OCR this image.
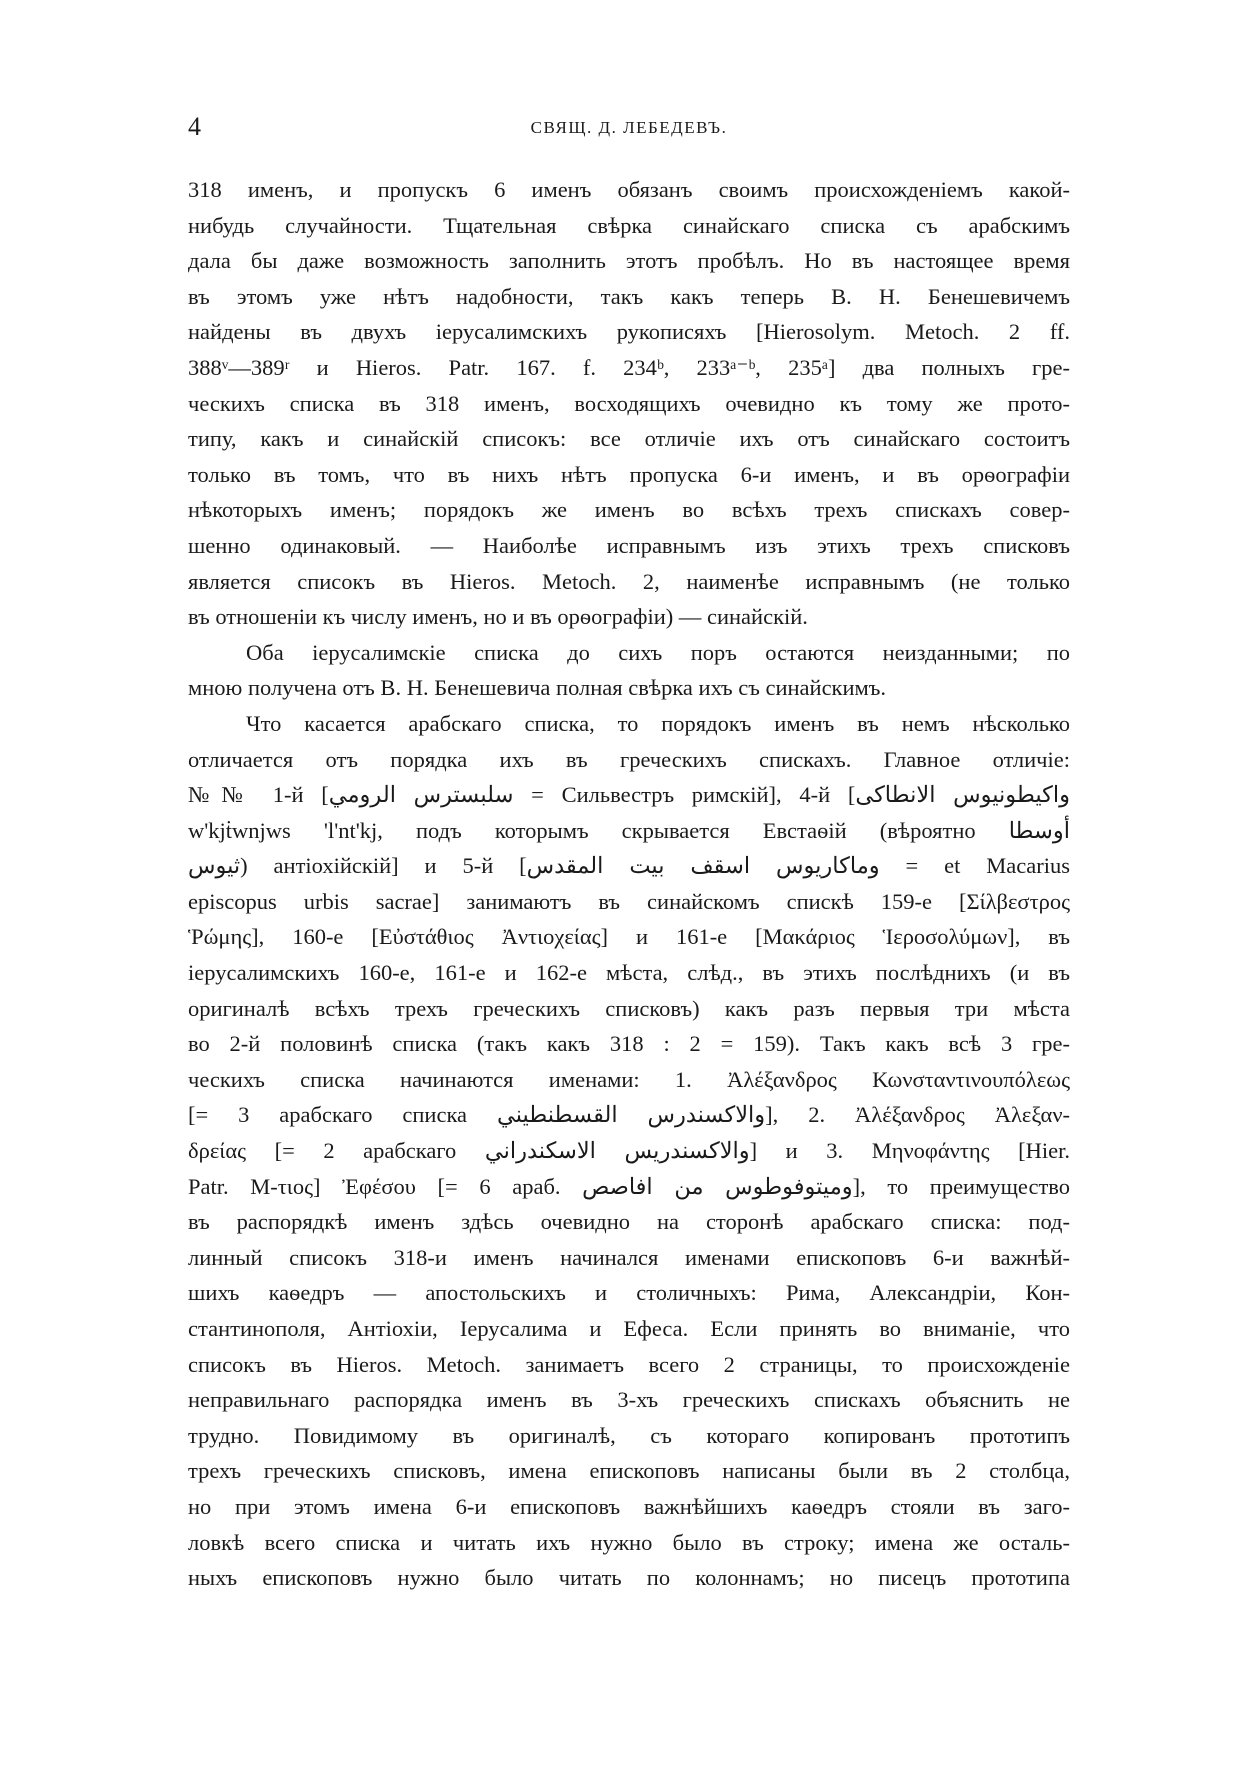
4	СВЯЩ. Д. ЛЕБЕДЕВЪ.
318 именъ, и пропускъ 6 именъ обязанъ своимъ происхожденіемъ какой-
нибудь случайности. Тщательная свѣрка синайскаго списка съ арабскимъ
дала бы даже возможность заполнить этотъ пробѣлъ. Но въ настоящее время
въ этомъ уже нѣтъ надобности, такъ какъ теперь В. Н. Бенешевичемъ
найдены въ двухъ іерусалимскихъ рукописяхъ [Hierosolym. Metoch. 2 ff.
388ᵛ—389ʳ и Hieros. Patr. 167. f. 234ᵇ, 233ᵃ⁻ᵇ, 235ᵃ] два полныхъ гре-
ческихъ списка въ 318 именъ, восходящихъ очевидно къ тому же прото-
типу, какъ и синайскій списокъ: все отличіе ихъ отъ синайскаго состоитъ
только въ томъ, что въ нихъ нѣтъ пропуска 6-и именъ, и въ орѳографіи
нѣкоторыхъ именъ; порядокъ же именъ во всѣхъ трехъ спискахъ совер-
шенно одинаковый. — Наиболѣе исправнымъ изъ этихъ трехъ списковъ
является списокъ въ Hieros. Metoch. 2, наименѣе исправнымъ (не только
въ отношеніи къ числу именъ, но и въ орѳографіи) — синайскій.
Оба іерусалимскіе списка до сихъ поръ остаются неизданными; по
мною получена отъ В. Н. Бенешевича полная свѣрка ихъ съ синайскимъ.
Что касается арабскаго списка, то порядокъ именъ въ немъ нѣсколько
отличается отъ порядка ихъ въ греческихъ спискахъ. Главное отличіе:
№№ 1-й [سلبسترس الرومي = Сильвестръ римскій], 4-й [واكيطونيوس الانطاكى
w'kjṫwnjws 'l'nt'kj, подъ которымъ скрывается Евстаѳій (вѣроятно أوسطا
ثيوس) антіохійскій] и 5-й [وماكاريوس اسقف بيت المقدس = et Macarius
episcopus urbis sacrae] занимаютъ въ синайскомъ спискѣ 159-е [Σίλβεστρος
Ῥώμης], 160-е [Εὐστάθιος Ἀντιοχείας] и 161-е [Μακάριος Ἱεροσολύμων], въ
іерусалимскихъ 160-е, 161-е и 162-е мѣста, слѣд., въ этихъ послѣднихъ (и въ
оригиналѣ всѣхъ трехъ греческихъ списковъ) какъ разъ первыя три мѣста
во 2-й половинѣ списка (такъ какъ 318 : 2 = 159). Такъ какъ всѣ 3 гре-
ческихъ списка начинаются именами: 1. Ἀλέξανδρος Κωνσταντινουπόλεως
[= 3 арабскаго списка والاكسندرس القسطنطيني], 2. Ἀλέξανδρος Ἀλεξαν-
δρείας [= 2 арабскаго والاكسندريس الاسكندراني] и 3. Μηνοφάντης [Hier.
Patr. Μ-τιος] Ἐφέσου [= 6 араб. وميتوفوطوس من افاصص], то преимущество
въ распорядкѣ именъ здѣсь очевидно на сторонѣ арабскаго списка: под-
линный списокъ 318-и именъ начинался именами епископовъ 6-и важнѣй-
шихъ каѳедръ — апостольскихъ и столичныхъ: Рима, Александріи, Кон-
стантинополя, Антіохіи, Іерусалима и Ефеса. Если принять во вниманіе, что
списокъ въ Hieros. Metoch. занимаетъ всего 2 страницы, то происхожденіе
неправильнаго распорядка именъ въ 3-хъ греческихъ спискахъ объяснить не
трудно. Повидимому въ оригиналѣ, съ котораго копированъ прототипъ
трехъ греческихъ списковъ, имена епископовъ написаны были въ 2 столбца,
но при этомъ имена 6-и епископовъ важнѣйшихъ каѳедръ стояли въ заго-
ловкѣ всего списка и читать ихъ нужно было въ строку; имена же осталь-
ныхъ епископовъ нужно было читать по колоннамъ; но писецъ прототипа
